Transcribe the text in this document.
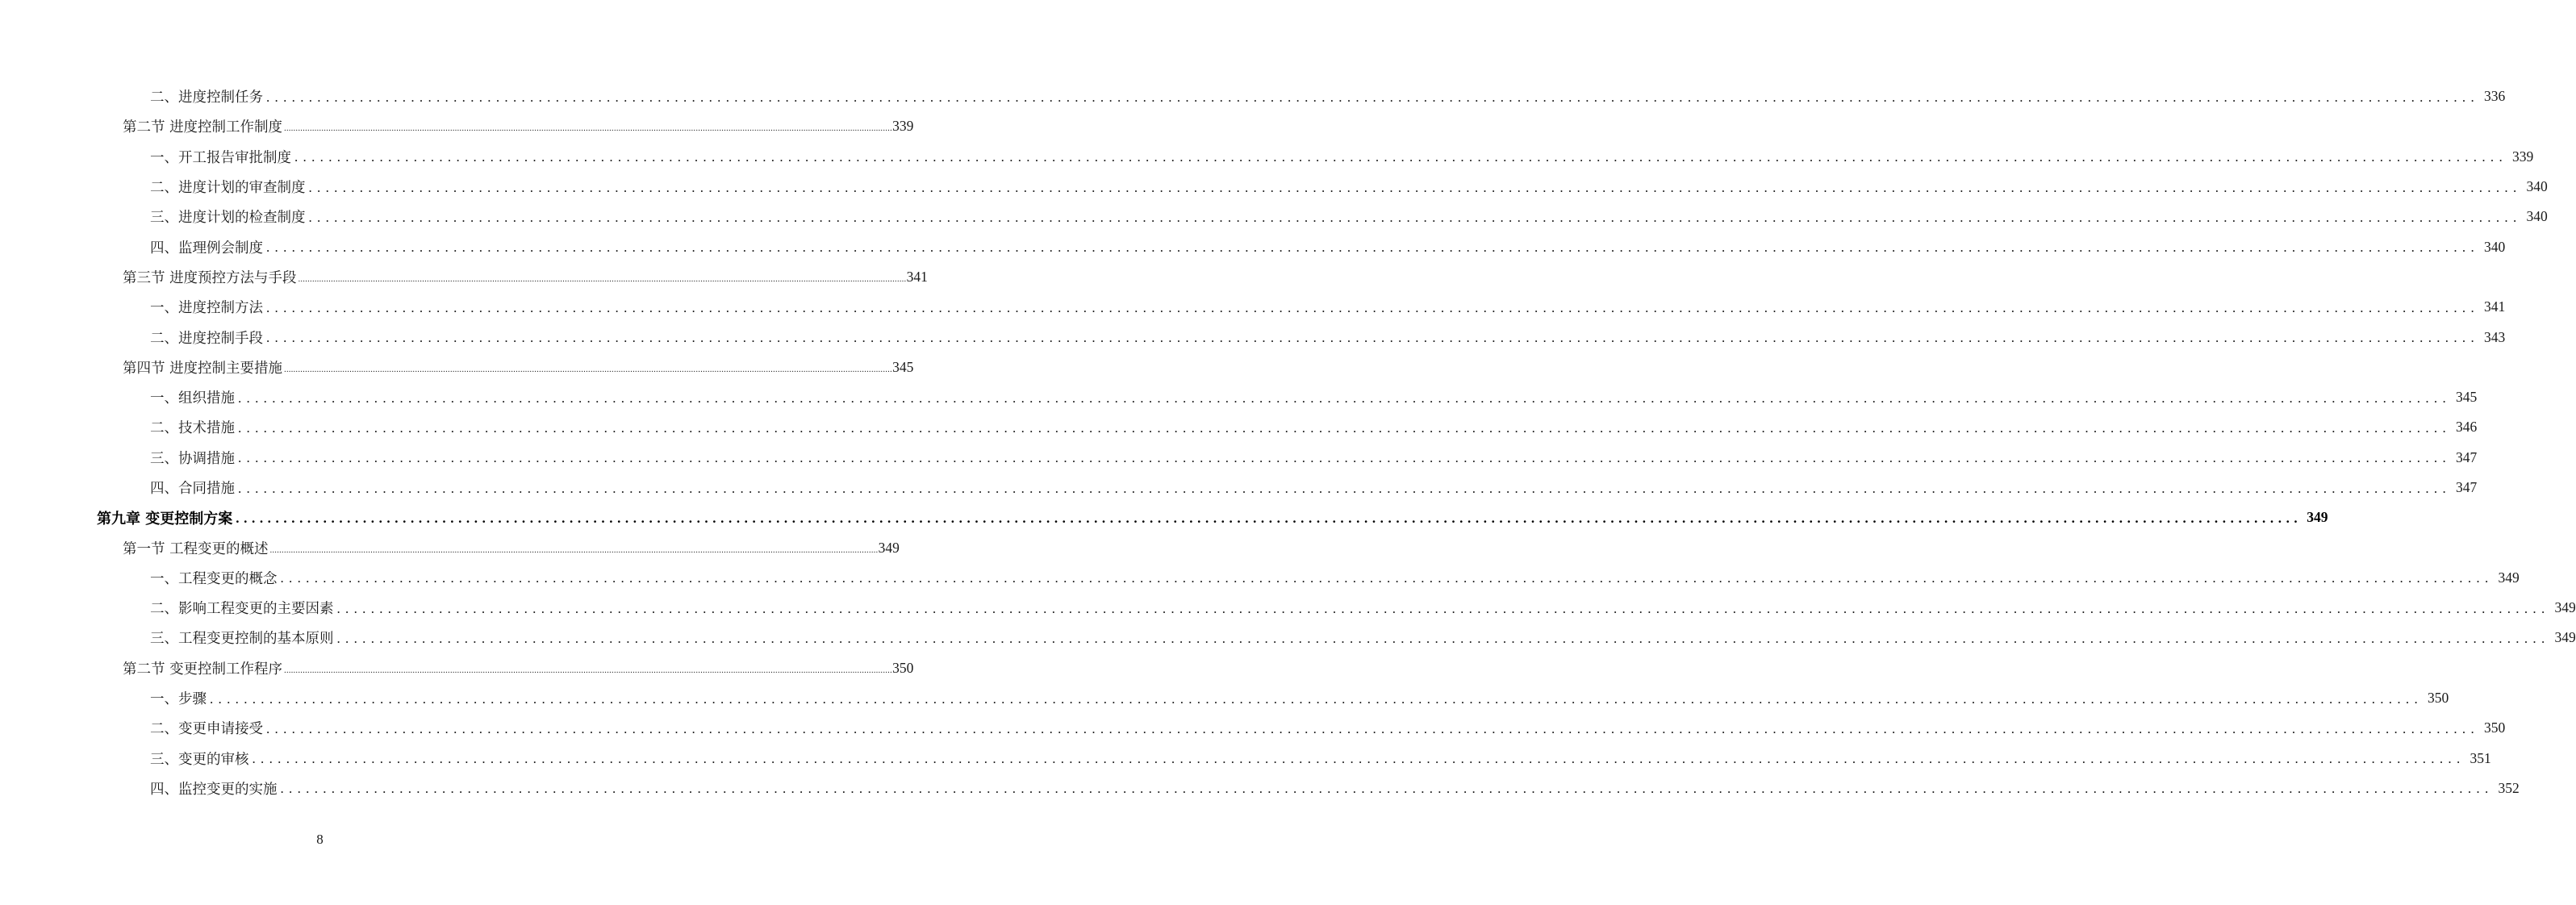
二、进度控制任务 .................................................................................................................................................................................................................................................................... 336
第二节 进度控制工作制度 .................................................................................................................................................................................................................................................................... 339
一、开工报告审批制度 .................................................................................................................................................................................................................................................................... 339
二、进度计划的审查制度 .................................................................................................................................................................................................................................................................... 340
三、进度计划的检查制度 .................................................................................................................................................................................................................................................................... 340
四、监理例会制度 .................................................................................................................................................................................................................................................................... 340
第三节 进度预控方法与手段 .................................................................................................................................................................................................................................................................... 341
一、进度控制方法 .................................................................................................................................................................................................................................................................... 341
二、进度控制手段 .................................................................................................................................................................................................................................................................... 343
第四节 进度控制主要措施 .................................................................................................................................................................................................................................................................... 345
一、组织措施 .................................................................................................................................................................................................................................................................... 345
二、技术措施 .................................................................................................................................................................................................................................................................... 346
三、协调措施 .................................................................................................................................................................................................................................................................... 347
四、合同措施 .................................................................................................................................................................................................................................................................... 347
第九章 变更控制方案 .................................................................................................................................................................................................................................................................... 349
第一节 工程变更的概述 .................................................................................................................................................................................................................................................................... 349
一、工程变更的概念 .................................................................................................................................................................................................................................................................... 349
二、影响工程变更的主要因素 .................................................................................................................................................................................................................................................................... 349
三、工程变更控制的基本原则 .................................................................................................................................................................................................................................................................... 349
第二节 变更控制工作程序 .................................................................................................................................................................................................................................................................... 350
一、步骤 .................................................................................................................................................................................................................................................................... 350
二、变更申请接受 .................................................................................................................................................................................................................................................................... 350
三、变更的审核 .................................................................................................................................................................................................................................................................... 351
四、监控变更的实施 .................................................................................................................................................................................................................................................................... 352
8
